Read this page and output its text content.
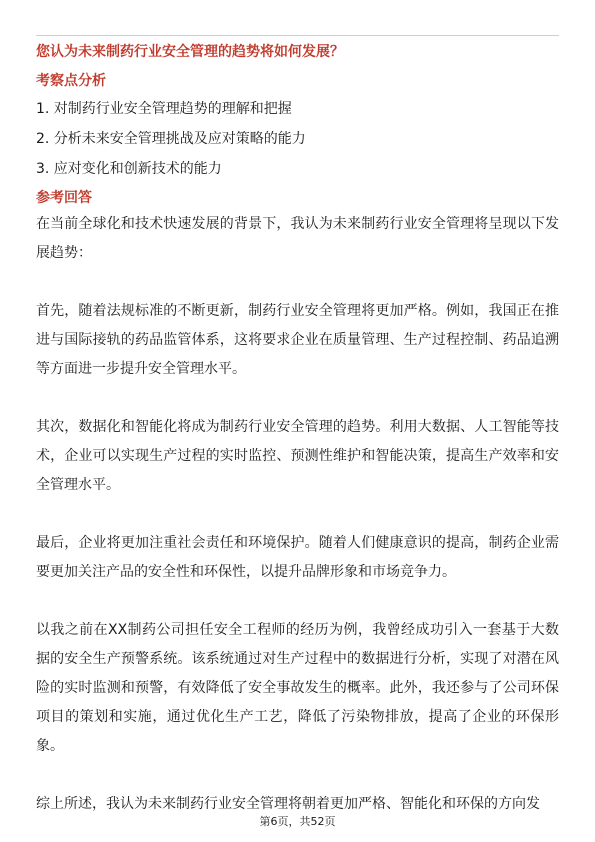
您认为未来制药行业安全管理的趋势将如何发展？

考察点分析

1. 对制药行业安全管理趋势的理解和把握
2. 分析未来安全管理挑战及应对策略的能力
3. 应对变化和创新技术的能力

参考回答

在当前全球化和技术快速发展的背景下，我认为未来制药行业安全管理将呈现以下发展趋势：

首先，随着法规标准的不断更新，制药行业安全管理将更加严格。例如，我国正在推进与国际接轨的药品监管体系，这将要求企业在质量管理、生产过程控制、药品追溯等方面进一步提升安全管理水平。

其次，数据化和智能化将成为制药行业安全管理的趋势。利用大数据、人工智能等技术，企业可以实现生产过程的实时监控、预测性维护和智能决策，提高生产效率和安全管理水平。

最后，企业将更加注重社会责任和环境保护。随着人们健康意识的提高，制药企业需要更加关注产品的安全性和环保性，以提升品牌形象和市场竞争力。

以我之前在XX制药公司担任安全工程师的经历为例，我曾经成功引入一套基于大数据的安全生产预警系统。该系统通过对生产过程中的数据进行分析，实现了对潜在风险的实时监测和预警，有效降低了安全事故发生的概率。此外，我还参与了公司环保项目的策划和实施，通过优化生产工艺，降低了污染物排放，提高了企业的环保形象。

综上所述，我认为未来制药行业安全管理将朝着更加严格、智能化和环保的方向发

第6页，共52页
